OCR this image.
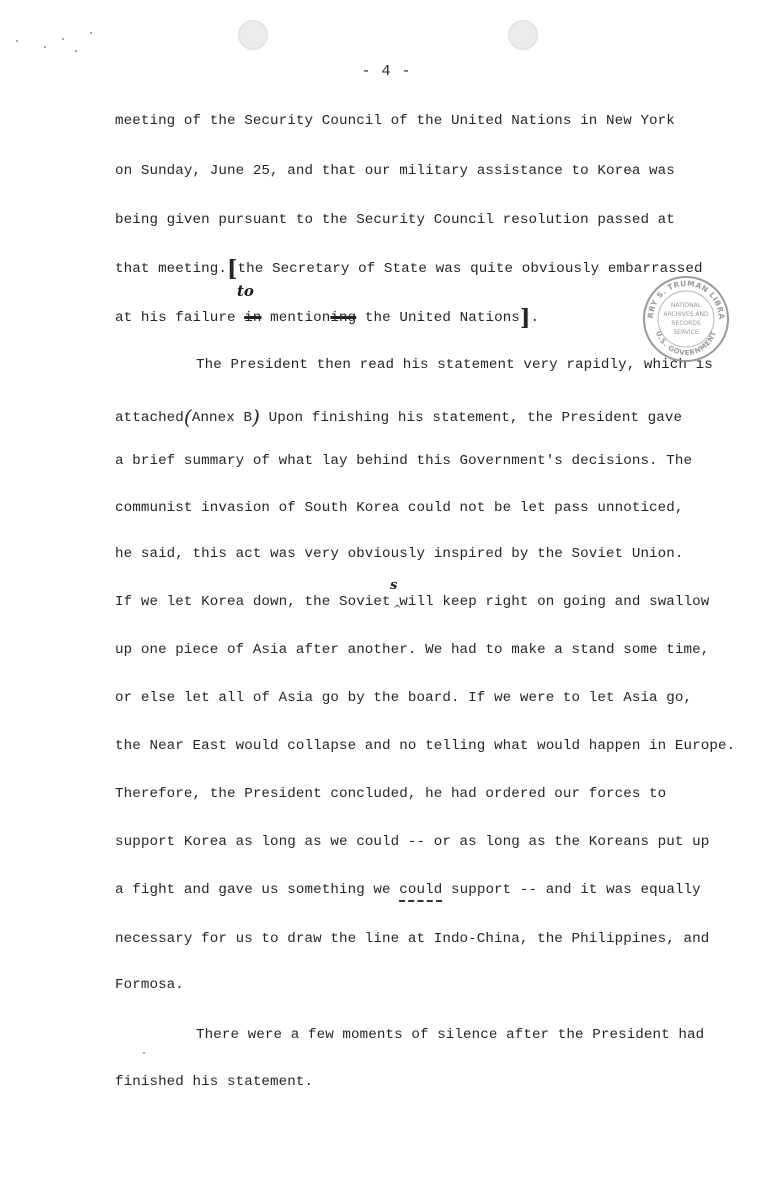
- 4 -
meeting of the Security Council of the United Nations in New York
on Sunday, June 25, and that our military assistance to Korea was
being given pursuant to the Security Council resolution passed at
that meeting.[the Secretary of State was quite obviously embarrassed
to
at his failure in mentioning the United Nations].
The President then read his statement very rapidly, which is
attached(Annex B) Upon finishing his statement, the President gave
a brief summary of what lay behind this Government's decisions. The
communist invasion of South Korea could not be let pass unnoticed,
he said, this act was very obviously inspired by the Soviet Union.
s
^
If we let Korea down, the Soviet will keep right on going and swallow
up one piece of Asia after another. We had to make a stand some time,
or else let all of Asia go by the board. If we were to let Asia go,
the Near East would collapse and no telling what would happen in Europe.
Therefore, the President concluded, he had ordered our forces to
support Korea as long as we could -- or as long as the Koreans put up
a fight and gave us something we could support -- and it was equally
necessary for us to draw the line at Indo-China, the Philippines, and
Formosa.
There were a few moments of silence after the President had
finished his statement.
RRY S. TRUMAN LIBRA
U.S. GOVERNMENT
NATIONAL
ARCHIVES AND
RECORDS
SERVICE
